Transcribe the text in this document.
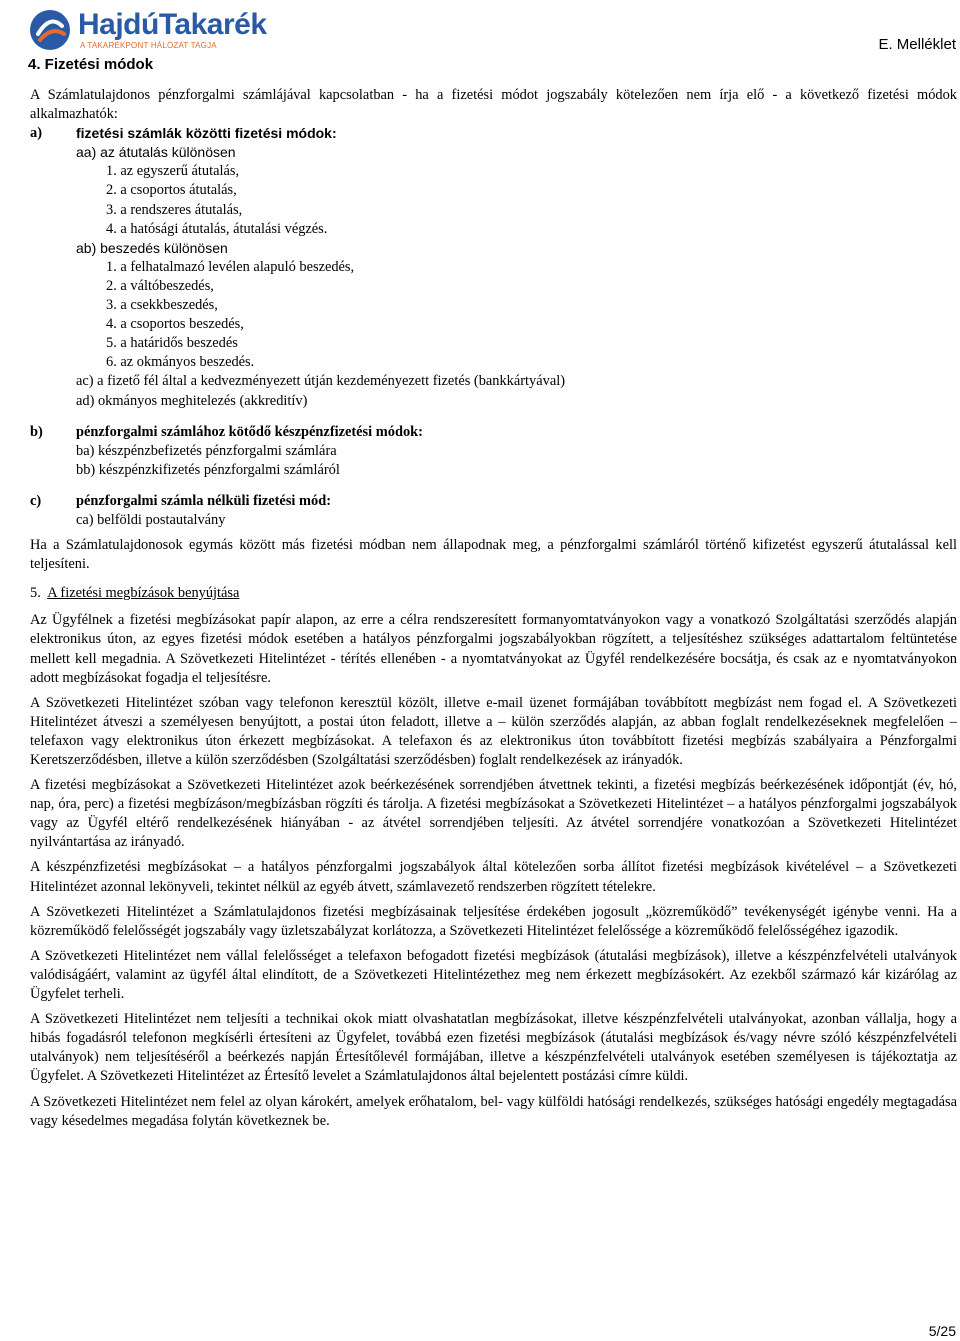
HajdúTakarék
A TAKARÉKPONT HÁLÓZAT TAGJA	E. Melléklet
4. Fizetési módok

A Számlatulajdonos pénzforgalmi számlájával kapcsolatban - ha a fizetési módot jogszabály kötelezően nem írja elő - a következő fizetési módok alkalmazhatók:

a)	fizetési számlák közötti fizetési módok:

aa) az átutalás különösen

1. az egyszerű átutalás,

2. a csoportos átutalás,

3. a rendszeres átutalás,

4. a hatósági átutalás, átutalási végzés.

ab) beszedés különösen

1. a felhatalmazó levélen alapuló beszedés,

2. a váltóbeszedés,

3. a csekkbeszedés,

4. a csoportos beszedés,

5. a határidős beszedés

6. az okmányos beszedés.

ac) a fizető fél által a kedvezményezett útján kezdeményezett fizetés (bankkártyával)

ad) okmányos meghitelezés (akkreditív)

b)	pénzforgalmi számlához kötődő készpénzfizetési módok:

ba) készpénzbefizetés pénzforgalmi számlára

bb) készpénzkifizetés pénzforgalmi számláról

c)	pénzforgalmi számla nélküli fizetési mód:

ca) belföldi postautalvány

Ha a Számlatulajdonosok egymás között más fizetési módban nem állapodnak meg, a pénzforgalmi számláról történő kifizetést egyszerű átutalással kell teljesíteni.

5. A fizetési megbízások benyújtása

Az Ügyfélnek a fizetési megbízásokat papír alapon, az erre a célra rendszeresített formanyomtatványokon vagy a vonatkozó Szolgáltatási szerződés alapján elektronikus úton, az egyes fizetési módok esetében a hatályos pénzforgalmi jogszabályokban rögzített, a teljesítéshez szükséges adattartalom feltüntetése mellett kell megadnia. A Szövetkezeti Hitelintézet - térítés ellenében - a nyomtatványokat az Ügyfél rendelkezésére bocsátja, és csak az e nyomtatványokon adott megbízásokat fogadja el teljesítésre.

A Szövetkezeti Hitelintézet szóban vagy telefonon keresztül közölt, illetve e-mail üzenet formájában továbbított megbízást nem fogad el. A Szövetkezeti Hitelintézet átveszi a személyesen benyújtott, a postai úton feladott, illetve a – külön szerződés alapján, az abban foglalt rendelkezéseknek megfelelően – telefaxon vagy elektronikus úton érkezett megbízásokat. A telefaxon és az elektronikus úton továbbított fizetési megbízás szabályaira a Pénzforgalmi Keretszerződésben, illetve a külön szerződésben (Szolgáltatási szerződésben) foglalt rendelkezések az irányadók.

A fizetési megbízásokat a Szövetkezeti Hitelintézet azok beérkezésének sorrendjében átvettnek tekinti, a fizetési megbízás beérkezésének időpontját (év, hó, nap, óra, perc) a fizetési megbízáson/megbízásban rögzíti és tárolja. A fizetési megbízásokat a Szövetkezeti Hitelintézet – a hatályos pénzforgalmi jogszabályok vagy az Ügyfél eltérő rendelkezésének hiányában - az átvétel sorrendjében teljesíti. Az átvétel sorrendjére vonatkozóan a Szövetkezeti Hitelintézet nyilvántartása az irányadó.

A készpénzfizetési megbízásokat – a hatályos pénzforgalmi jogszabályok által kötelezően sorba állítot fizetési megbízások kivételével – a Szövetkezeti Hitelintézet azonnal lekönyveli, tekintet nélkül az egyéb átvett, számlavezető rendszerben rögzített tételekre.

A Szövetkezeti Hitelintézet a Számlatulajdonos fizetési megbízásainak teljesítése érdekében jogosult „közreműködő” tevékenységét igénybe venni. Ha a közreműködő felelősségét jogszabály vagy üzletszabályzat korlátozza, a Szövetkezeti Hitelintézet felelőssége a közreműködő felelősségéhez igazodik.

A Szövetkezeti Hitelintézet nem vállal felelősséget a telefaxon befogadott fizetési megbízások (átutalási megbízások), illetve a készpénzfelvételi utalványok valódiságáért, valamint az ügyfél által elindított, de a Szövetkezeti Hitelintézethez meg nem érkezett megbízásokért. Az ezekből származó kár kizárólag az Ügyfelet terheli.

A Szövetkezeti Hitelintézet nem teljesíti a technikai okok miatt olvashatatlan megbízásokat, illetve készpénzfelvételi utalványokat, azonban vállalja, hogy a hibás fogadásról telefonon megkísérli értesíteni az Ügyfelet, továbbá ezen fizetési megbízások (átutalási megbízások és/vagy névre szóló készpénzfelvételi utalványok) nem teljesítéséről a beérkezés napján Értesítőlevél formájában, illetve a készpénzfelvételi utalványok esetében személyesen is tájékoztatja az Ügyfelet. A Szövetkezeti Hitelintézet az Értesítő levelet a Számlatulajdonos által bejelentett postázási címre küldi.

A Szövetkezeti Hitelintézet nem felel az olyan károkért, amelyek erőhatalom, bel- vagy külföldi hatósági rendelkezés, szükséges hatósági engedély megtagadása vagy késedelmes megadása folytán következnek be.

5/25
